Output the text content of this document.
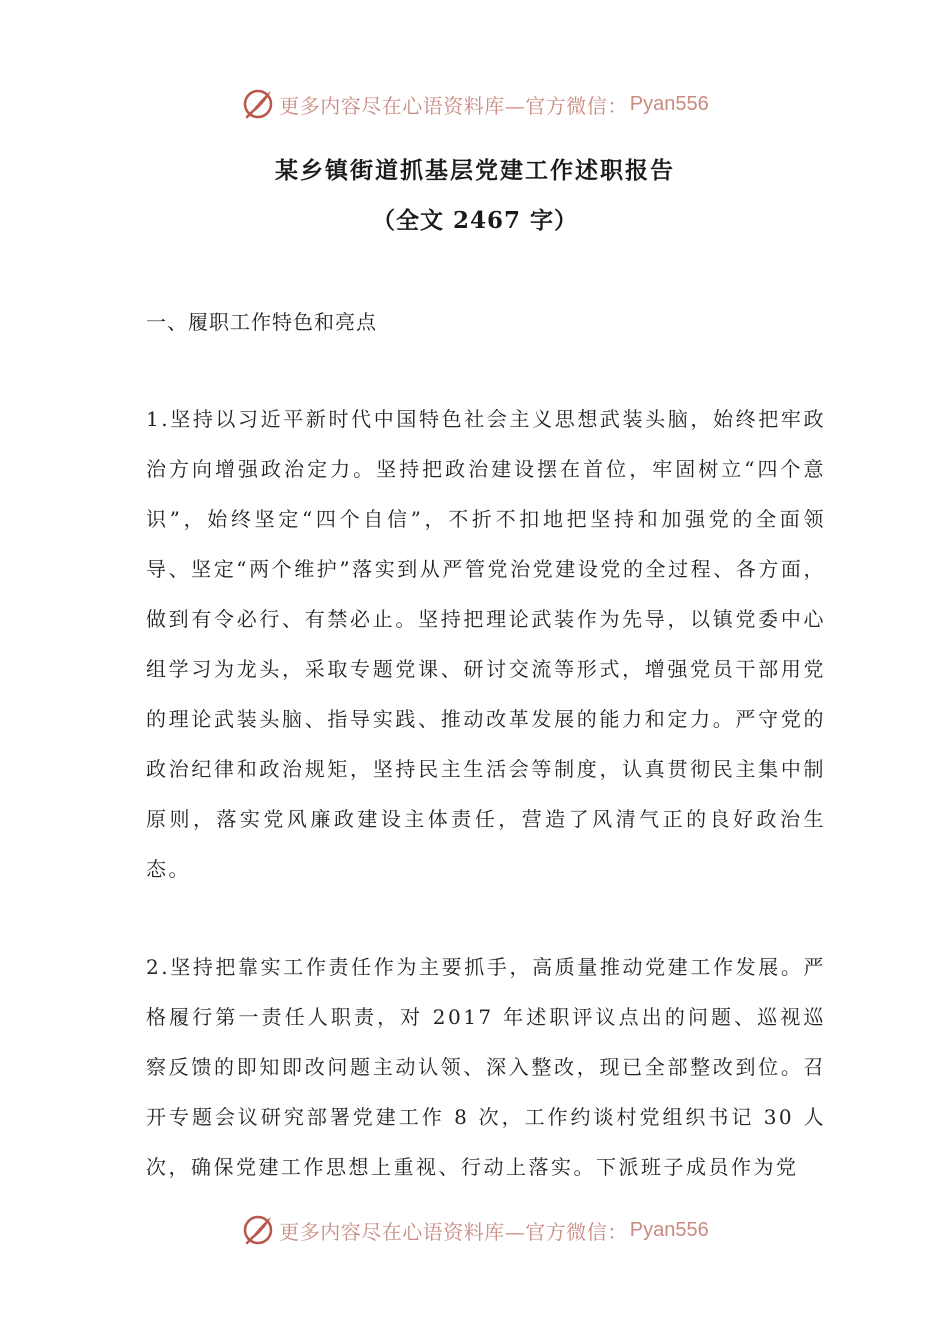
更多内容尽在心语资料库—官方微信： Pyan556
某乡镇街道抓基层党建工作述职报告
（全文 2467 字）
一、履职工作特色和亮点

1.坚持以习近平新时代中国特色社会主义思想武装头脑，始终把牢政治方向增强政治定力。坚持把政治建设摆在首位，牢固树立“四个意识”，始终坚定“四个自信”，不折不扣地把坚持和加强党的全面领导、坚定“两个维护”落实到从严管党治党建设党的全过程、各方面，做到有令必行、有禁必止。坚持把理论武装作为先导，以镇党委中心组学习为龙头，采取专题党课、研讨交流等形式，增强党员干部用党的理论武装头脑、指导实践、推动改革发展的能力和定力。严守党的政治纪律和政治规矩，坚持民主生活会等制度，认真贯彻民主集中制原则，落实党风廉政建设主体责任，营造了风清气正的良好政治生态。

2.坚持把靠实工作责任作为主要抓手，高质量推动党建工作发展。严格履行第一责任人职责，对 2017 年述职评议点出的问题、巡视巡察反馈的即知即改问题主动认领、深入整改，现已全部整改到位。召开专题会议研究部署党建工作 8 次，工作约谈村党组织书记 30 人次，确保党建工作思想上重视、行动上落实。下派班子成员作为党

更多内容尽在心语资料库—官方微信： Pyan556
